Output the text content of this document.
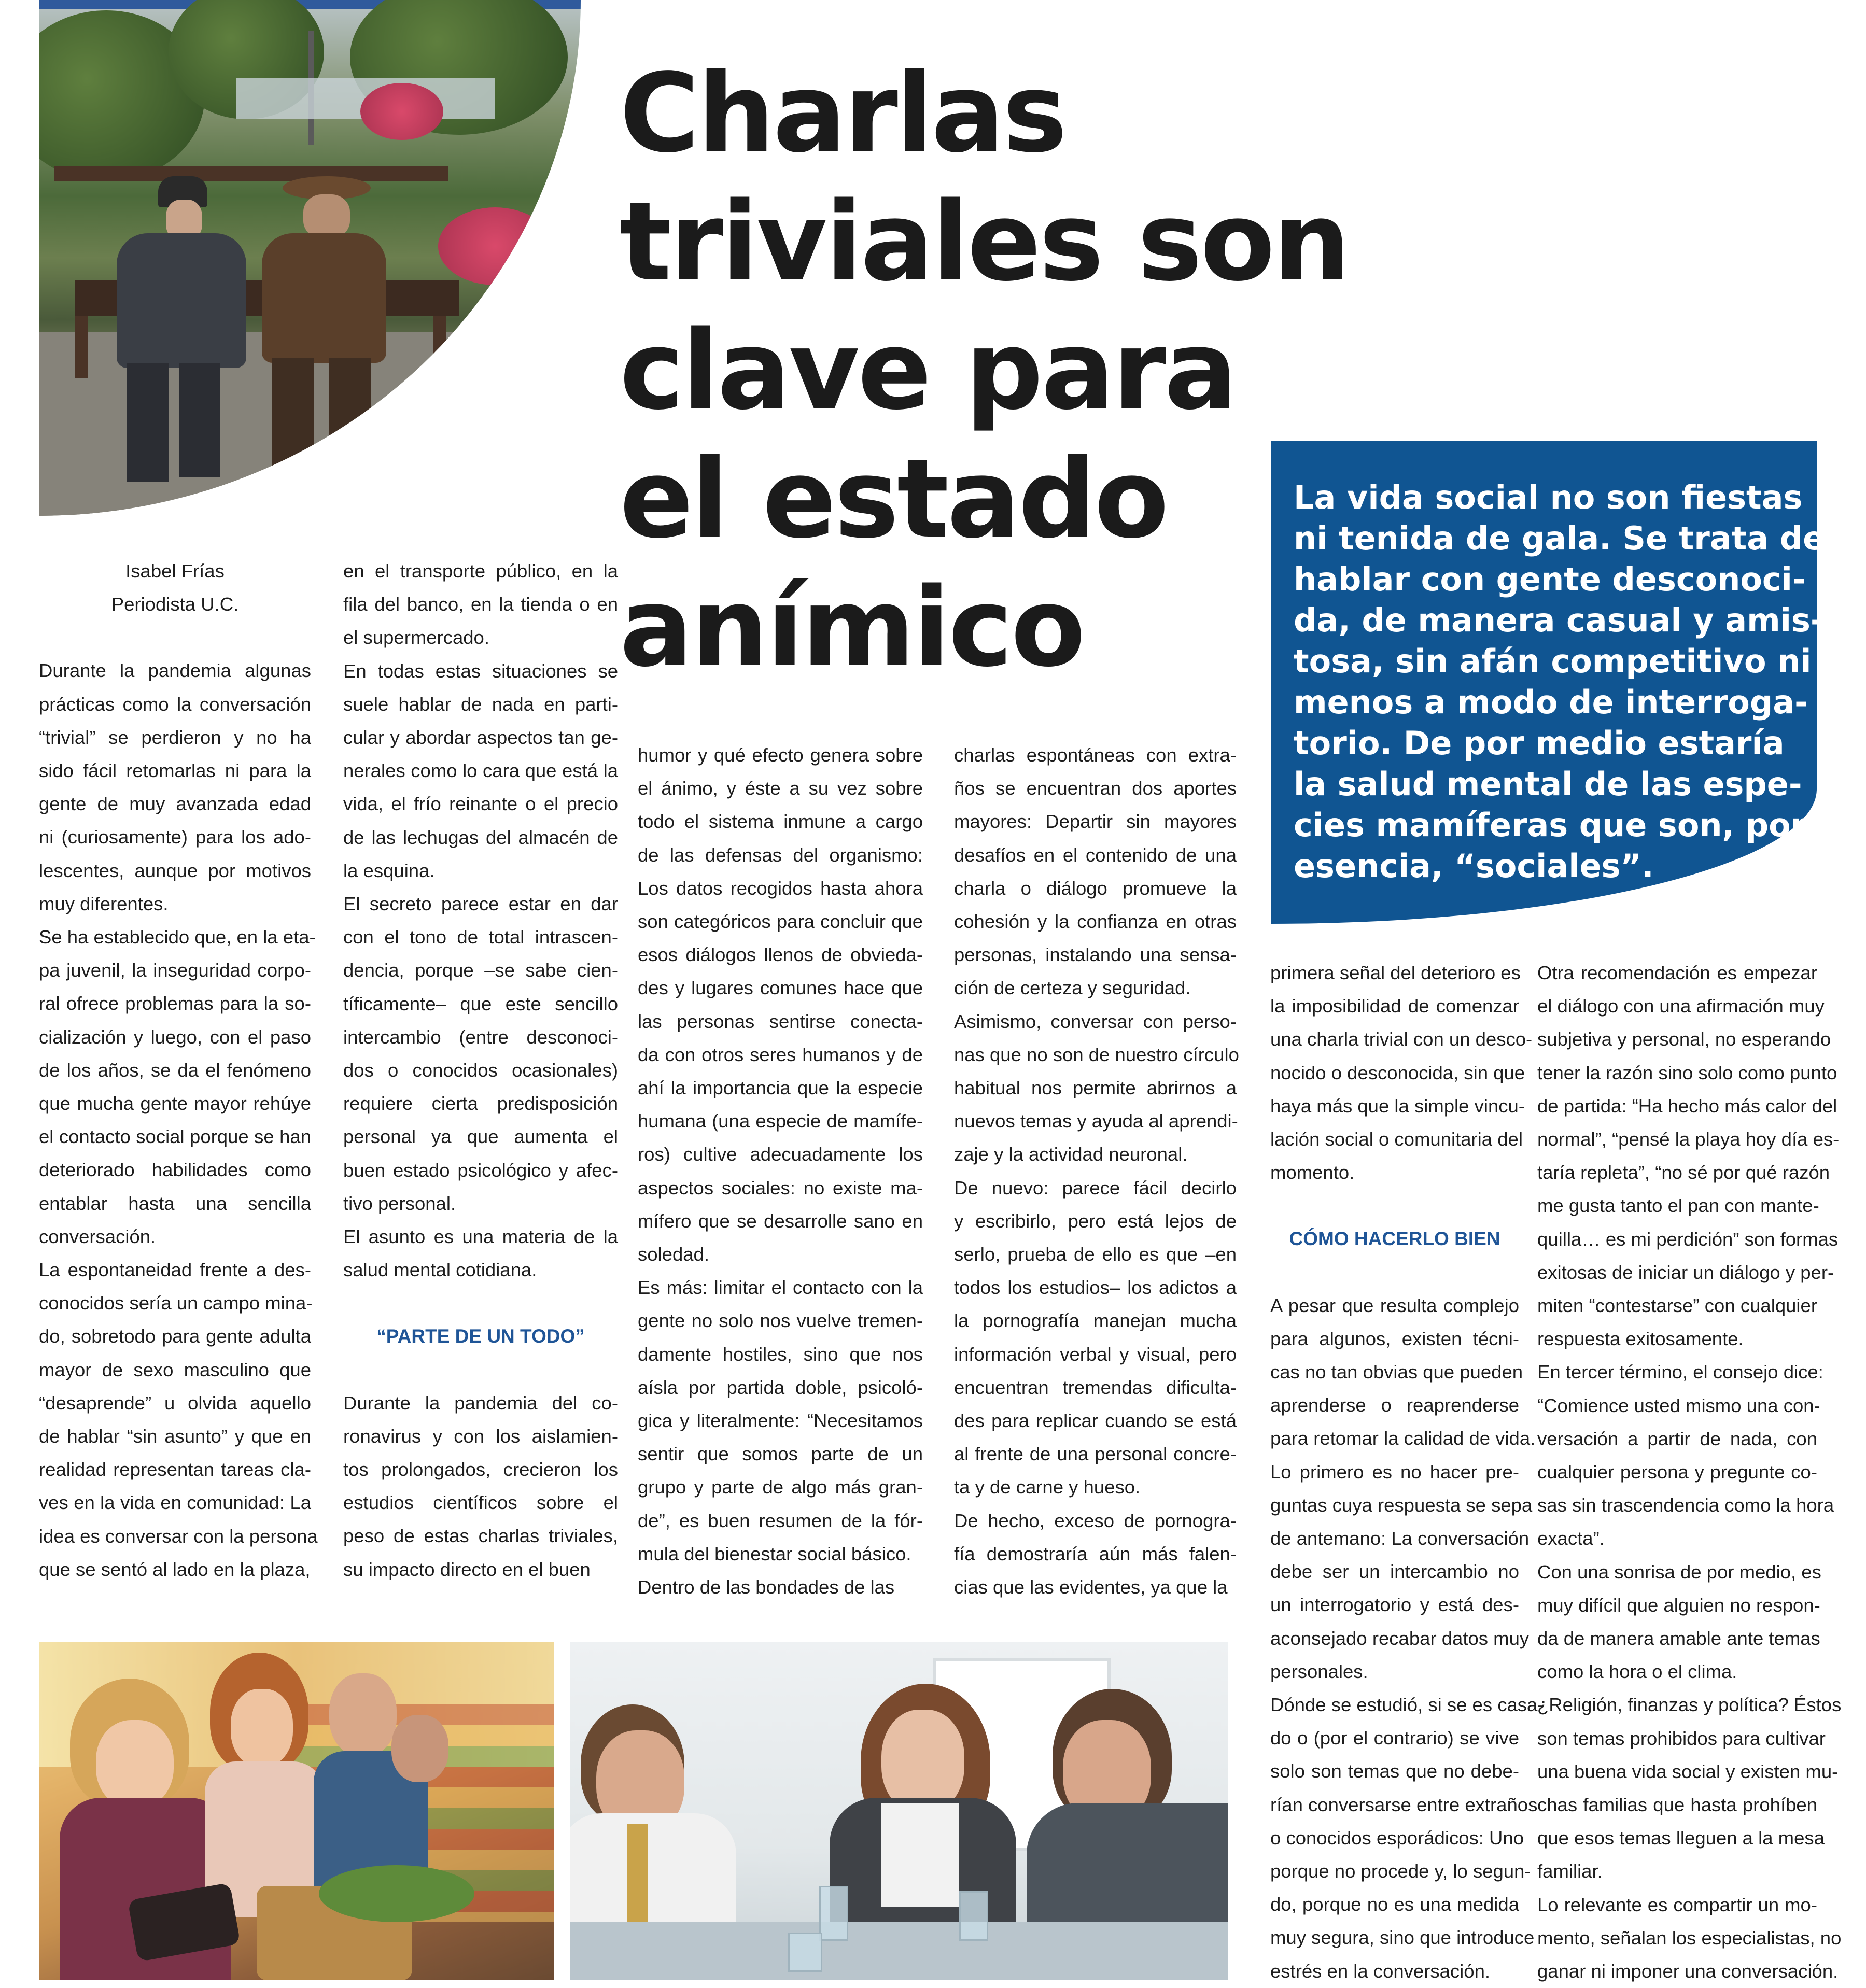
Charlas
triviales son
clave para
el estado
anímico
La vida social no son fiestas
ni tenida de gala. Se trata de
hablar con gente desconoci-
da, de manera casual y amis-
tosa, sin afán competitivo ni
menos a modo de interroga-
torio. De por medio estaría
la salud mental de las espe-
cies mamíferas que son, por
esencia, “sociales”.
Isabel Frías
Periodista U.C.
Durante la pandemia algunas
prácticas como la conversación
“trivial” se perdieron y no ha
sido fácil retomarlas ni para la
gente de muy avanzada edad
ni (curiosamente) para los ado-
lescentes, aunque por motivos
muy diferentes.
Se ha establecido que, en la eta-
pa juvenil, la inseguridad corpo-
ral ofrece problemas para la so-
cialización y luego, con el paso
de los años, se da el fenómeno
que mucha gente mayor rehúye
el contacto social porque se han
deteriorado habilidades como
entablar hasta una sencilla
conversación.
La espontaneidad frente a des-
conocidos sería un campo mina-
do, sobretodo para gente adulta
mayor de sexo masculino que
“desaprende” u olvida aquello
de hablar “sin asunto” y que en
realidad representan tareas cla-
ves en la vida en comunidad: La
idea es conversar con la persona
que se sentó al lado en la plaza,
en el transporte público, en la
fila del banco, en la tienda o en
el supermercado.
En todas estas situaciones se
suele hablar de nada en parti-
cular y abordar aspectos tan ge-
nerales como lo cara que está la
vida, el frío reinante o el precio
de las lechugas del almacén de
la esquina.
El secreto parece estar en dar
con el tono de total intrascen-
dencia, porque –se sabe cien-
tíficamente– que este sencillo
intercambio (entre desconoci-
dos o conocidos ocasionales)
requiere cierta predisposición
personal ya que aumenta el
buen estado psicológico y afec-
tivo personal.
El asunto es una materia de la
salud mental cotidiana.
“PARTE DE UN TODO”
Durante la pandemia del co-
ronavirus y con los aislamien-
tos prolongados, crecieron los
estudios científicos sobre el
peso de estas charlas triviales,
su impacto directo en el buen
humor y qué efecto genera sobre
el ánimo, y éste a su vez sobre
todo el sistema inmune a cargo
de las defensas del organismo:
Los datos recogidos hasta ahora
son categóricos para concluir que
esos diálogos llenos de obvieda-
des y lugares comunes hace que
las personas sentirse conecta-
da con otros seres humanos y de
ahí la importancia que la especie
humana (una especie de mamífe-
ros) cultive adecuadamente los
aspectos sociales: no existe ma-
mífero que se desarrolle sano en
soledad.
Es más: limitar el contacto con la
gente no solo nos vuelve tremen-
damente hostiles, sino que nos
aísla por partida doble, psicoló-
gica y literalmente: “Necesitamos
sentir que somos parte de un
grupo y parte de algo más gran-
de”, es buen resumen de la fór-
mula del bienestar social básico.
Dentro de las bondades de las
charlas espontáneas con extra-
ños se encuentran dos aportes
mayores: Departir sin mayores
desafíos en el contenido de una
charla o diálogo promueve la
cohesión y la confianza en otras
personas, instalando una sensa-
ción de certeza y seguridad.
Asimismo, conversar con perso-
nas que no son de nuestro círculo
habitual nos permite abrirnos a
nuevos temas y ayuda al aprendi-
zaje y la actividad neuronal.
De nuevo: parece fácil decirlo
y escribirlo, pero está lejos de
serlo, prueba de ello es que –en
todos los estudios– los adictos a
la pornografía manejan mucha
información verbal y visual, pero
encuentran tremendas dificulta-
des para replicar cuando se está
al frente de una personal concre-
ta y de carne y hueso.
De hecho, exceso de pornogra-
fía demostraría aún más falen-
cias que las evidentes, ya que la
primera señal del deterioro es
la imposibilidad de comenzar
una charla trivial con un desco-
nocido o desconocida, sin que
haya más que la simple vincu-
lación social o comunitaria del
momento.
CÓMO HACERLO BIEN
A pesar que resulta complejo
para algunos, existen técni-
cas no tan obvias que pueden
aprenderse o reaprenderse
para retomar la calidad de vida.
Lo primero es no hacer pre-
guntas cuya respuesta se sepa
de antemano: La conversación
debe ser un intercambio no
un interrogatorio y está des-
aconsejado recabar datos muy
personales.
Dónde se estudió, si se es casa-
do o (por el contrario) se vive
solo son temas que no debe-
rían conversarse entre extraños
o conocidos esporádicos: Uno
porque no procede y, lo segun-
do, porque no es una medida
muy segura, sino que introduce
estrés en la conversación.
Otra recomendación es empezar
el diálogo con una afirmación muy
subjetiva y personal, no esperando
tener la razón sino solo como punto
de partida: “Ha hecho más calor del
normal”, “pensé la playa hoy día es-
taría repleta”, “no sé por qué razón
me gusta tanto el pan con mante-
quilla… es mi perdición” son formas
exitosas de iniciar un diálogo y per-
miten “contestarse” con cualquier
respuesta exitosamente.
En tercer término, el consejo dice:
“Comience usted mismo una con-
versación a partir de nada, con
cualquier persona y pregunte co-
sas sin trascendencia como la hora
exacta”.
Con una sonrisa de por medio, es
muy difícil que alguien no respon-
da de manera amable ante temas
como la hora o el clima.
¿Religión, finanzas y política? Éstos
son temas prohibidos para cultivar
una buena vida social y existen mu-
chas familias que hasta prohíben
que esos temas lleguen a la mesa
familiar.
Lo relevante es compartir un mo-
mento, señalan los especialistas, no
ganar ni imponer una conversación.
